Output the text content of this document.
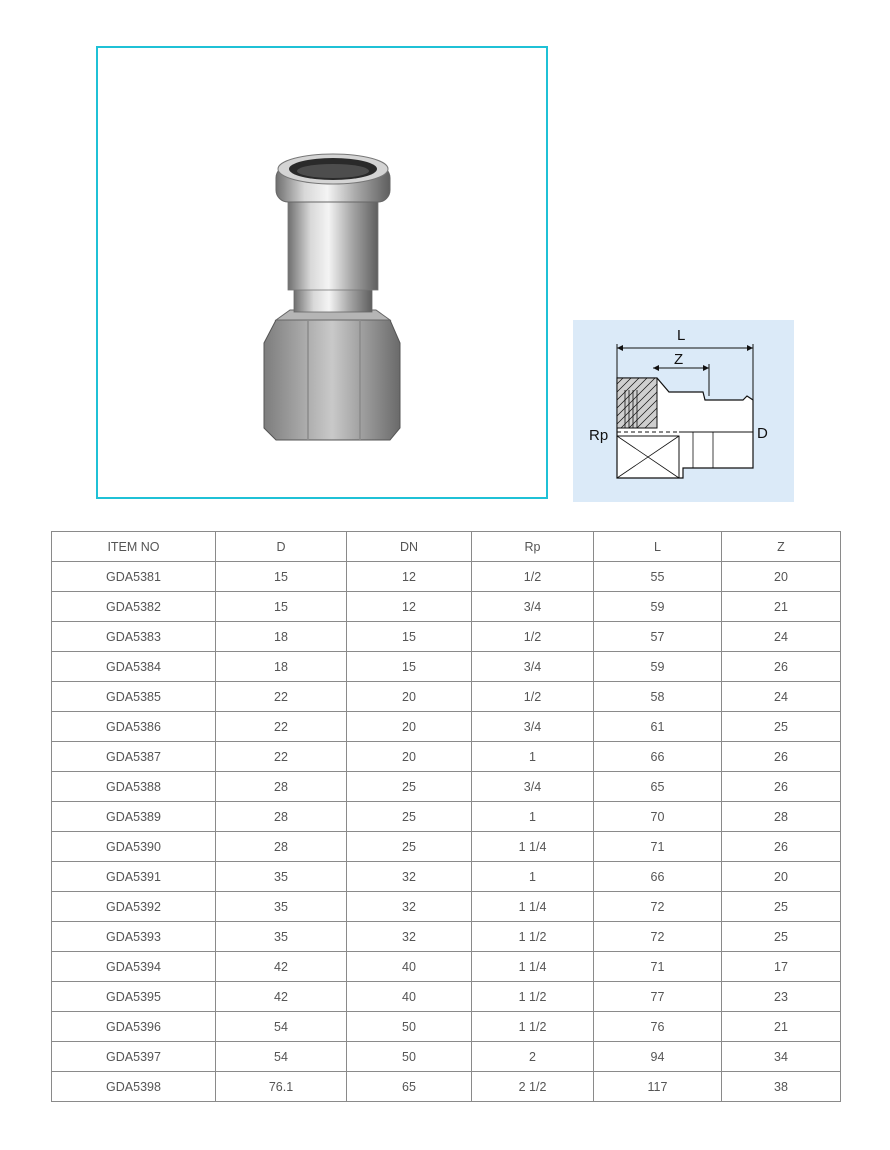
L
Z
Rp	D
ITEM NO	D	DN	Rp	L	Z
GDA5381	15	12	1/2	55	20
GDA5382	15	12	3/4	59	21
GDA5383	18	15	1/2	57	24
GDA5384	18	15	3/4	59	26
GDA5385	22	20	1/2	58	24
GDA5386	22	20	3/4	61	25
GDA5387	22	20	1	66	26
GDA5388	28	25	3/4	65	26
GDA5389	28	25	1	70	28
GDA5390	28	25	1 1/4	71	26
GDA5391	35	32	1	66	20
GDA5392	35	32	1 1/4	72	25
GDA5393	35	32	1 1/2	72	25
GDA5394	42	40	1 1/4	71	17
GDA5395	42	40	1 1/2	77	23
GDA5396	54	50	1 1/2	76	21
GDA5397	54	50	2	94	34
GDA5398	76.1	65	2 1/2	117	38
